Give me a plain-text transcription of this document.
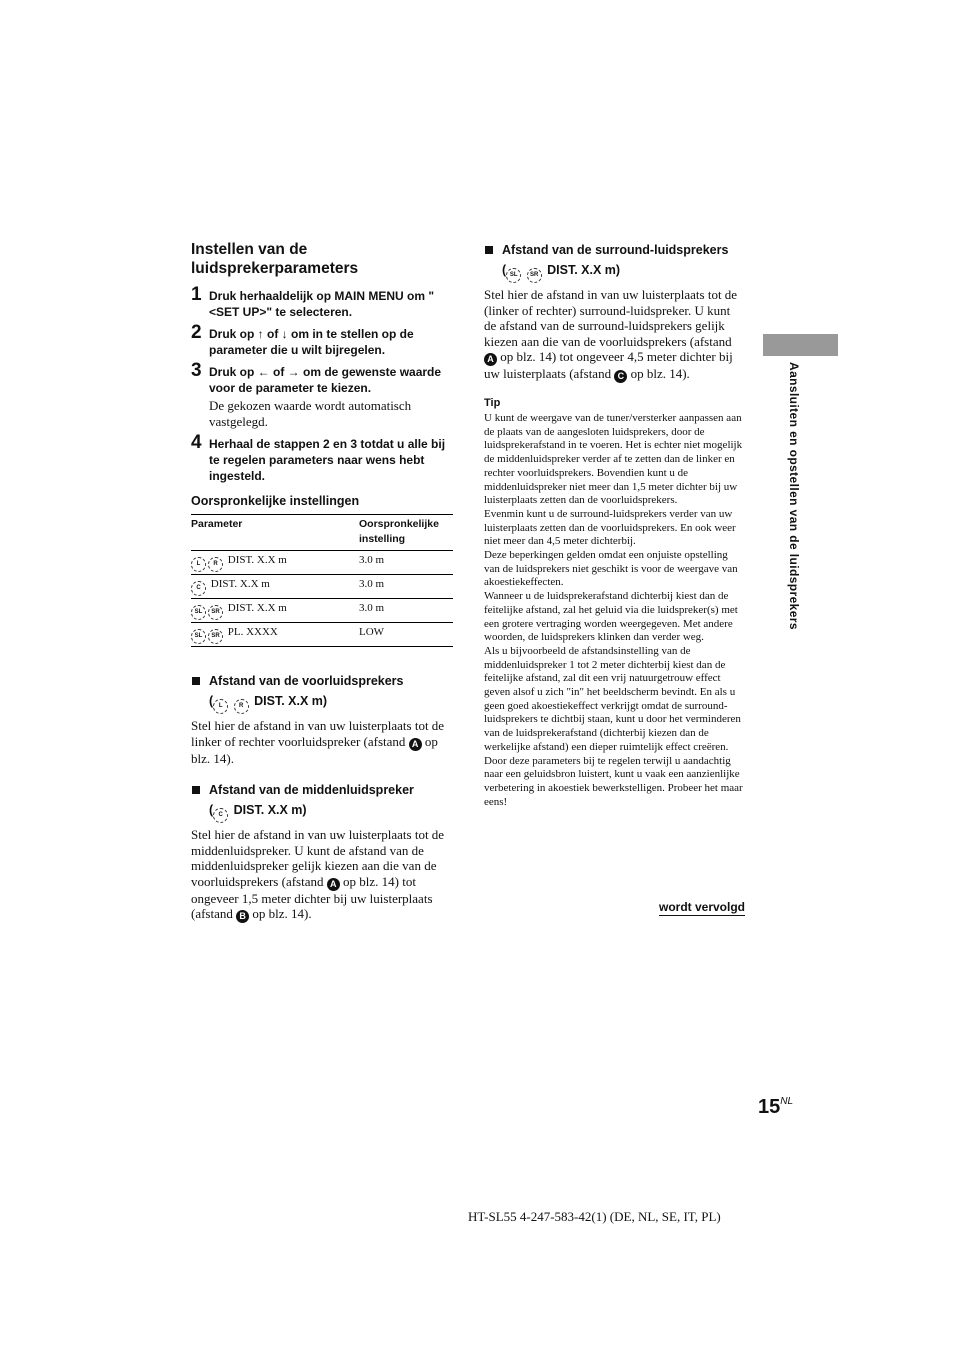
Instellen van de luidsprekerparameters
1 Druk herhaaldelijk op MAIN MENU om "<SET UP>" te selecteren.
2 Druk op ↑ of ↓ om in te stellen op de parameter die u wilt bijregelen.
3 Druk op ← of → om de gewenste waarde voor de parameter te kiezen.
De gekozen waarde wordt automatisch vastgelegd.
4 Herhaal de stappen 2 en 3 totdat u alle bij te regelen parameters naar wens hebt ingesteld.
Oorspronkelijke instellingen
Parameter	Oorspronkelijke instelling
L R DIST. X.X m	3.0 m
C DIST. X.X m	3.0 m
SL SR DIST. X.X m	3.0 m
SL SR PL. XXXX	LOW
Afstand van de voorluidsprekers
( L	R DIST. X.X m)

Stel hier de afstand in van uw luisterplaats tot de linker of rechter voorluidspreker (afstand A op blz. 14).

Afstand van de middenluidspreker
( C DIST. X.X m)

Stel hier de afstand in van uw luisterplaats tot de middenluidspreker. U kunt de afstand van de middenluidspreker gelijk kiezen aan die van de voorluidsprekers (afstand A op blz. 14) tot ongeveer 1,5 meter dichter bij uw luisterplaats (afstand B op blz. 14).

Afstand van de surround-luidsprekers
( SL SR DIST. X.X m)

Stel hier de afstand in van uw luisterplaats tot de (linker of rechter) surround-luidspreker. U kunt de afstand van de surround-luidsprekers gelijk kiezen aan die van de voorluidsprekers (afstand A op blz. 14) tot ongeveer 4,5 meter dichter bij uw luisterplaats (afstand C op blz. 14).

Tip

U kunt de weergave van de tuner/versterker aanpassen aan de plaats van de aangesloten luidsprekers, door de luidsprekerafstand in te voeren. Het is echter niet mogelijk de middenluidspreker verder af te zetten dan de linker en rechter voorluidsprekers. Bovendien kunt u de middenluidspreker niet meer dan 1,5 meter dichter bij uw luisterplaats zetten dan de voorluidsprekers.

Evenmin kunt u de surround-luidsprekers verder van uw luisterplaats zetten dan de voorluidsprekers. En ook weer niet meer dan 4,5 meter dichterbij.

Deze beperkingen gelden omdat een onjuiste opstelling van de luidsprekers niet geschikt is voor de weergave van akoestiekeffecten.

Wanneer u de luidsprekerafstand dichterbij kiest dan de feitelijke afstand, zal het geluid via die luidspreker(s) met een grotere vertraging worden weergegeven. Met andere woorden, de luidsprekers klinken dan verder weg.

Als u bijvoorbeeld de afstandsinstelling van de middenluidspreker 1 tot 2 meter dichterbij kiest dan de feitelijke afstand, zal dit een vrij natuurgetrouw effect geven alsof u zich "in" het beeldscherm bevindt. En als u geen goed akoestiekeffect verkrijgt omdat de surround-luidsprekers te dichtbij staan, kunt u door het verminderen van de luidsprekerafstand (dichterbij kiezen dan de werkelijke afstand) een dieper ruimtelijk effect creëren.

Door deze parameters bij te regelen terwijl u aandachtig naar een geluidsbron luistert, kunt u vaak een aanzienlijke verbetering in akoestiek bewerkstelligen. Probeer het maar eens!

wordt vervolgd
Aansluiten en opstellen van de luidsprekers
$15^{NL}$
HT-SL55 4-247-583-42(1) (DE, NL, SE, IT, PL)
